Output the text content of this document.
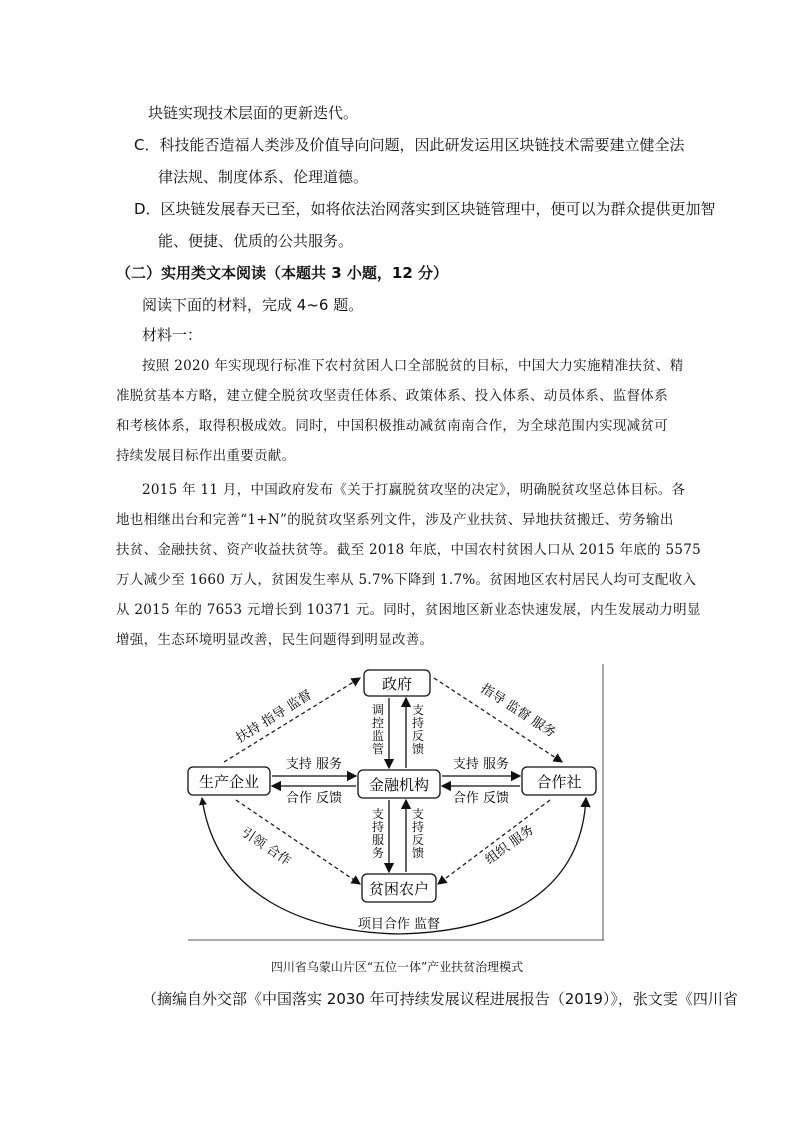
块链实现技术层面的更新迭代。
C．科技能否造福人类涉及价值导向问题，因此研发运用区块链技术需要建立健全法
律法规、制度体系、伦理道德。
D．区块链发展春天已至，如将依法治网落实到区块链管理中，便可以为群众提供更加智
能、便捷、优质的公共服务。
（二）实用类文本阅读（本题共 3 小题，12 分）
阅读下面的材料，完成 4~6 题。
材料一：
按照 2020 年实现现行标准下农村贫困人口全部脱贫的目标，中国大力实施精准扶贫、精
准脱贫基本方略，建立健全脱贫攻坚责任体系、政策体系、投入体系、动员体系、监督体系
和考核体系，取得积极成效。同时，中国积极推动减贫南南合作，为全球范围内实现减贫可
持续发展目标作出重要贡献。
2015 年 11 月，中国政府发布《关于打赢脱贫攻坚的决定》，明确脱贫攻坚总体目标。各
地也相继出台和完善“1+N”的脱贫攻坚系列文件，涉及产业扶贫、异地扶贫搬迁、劳务输出
扶贫、金融扶贫、资产收益扶贫等。截至 2018 年底，中国农村贫困人口从 2015 年底的 5575
万人减少至 1660 万人，贫困发生率从 5.7%下降到 1.7%。贫困地区农村居民人均可支配收入
从 2015 年的 7653 元增长到 10371 元。同时，贫困地区新业态快速发展，内生发展动力明显
增强，生态环境明显改善，民生问题得到明显改善。
政府
金融机构
生产企业	合作社
贫困农户
调控监管
支持反馈
支持服务
支持反馈
支持 服务
合作 反馈
支持 服务
合作 反馈
扶持 指导 监督	指导 监督 服务
引领 合作	组织 服务
项目合作 监督
四川省乌蒙山片区“五位一体”产业扶贫治理模式
（摘编自外交部《中国落实 2030 年可持续发展议程进展报告（2019）》，张文雯《四川省
